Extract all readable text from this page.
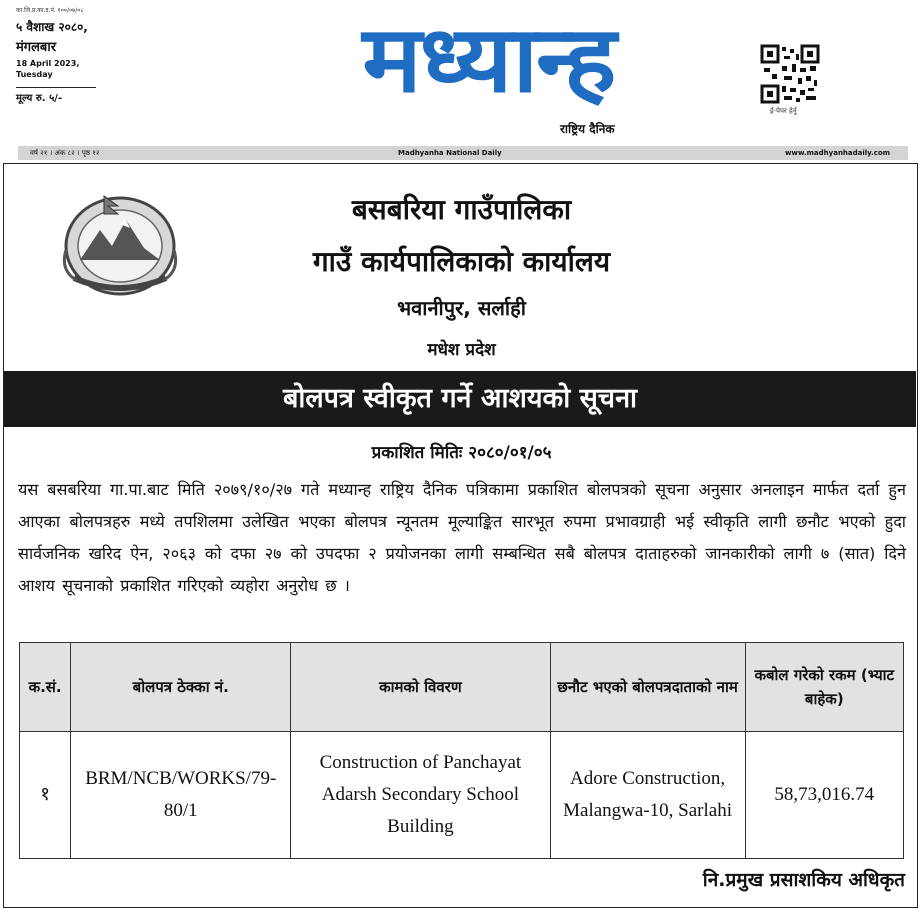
का.जि.प्र.का.द.नं. १००/०७/०८
५ वैशाख २०८०,
मंगलबार
18 April 2023,
Tuesday
मूल्य रु. ५/-	मध्यान्ह
राष्ट्रिय दैनिक
ई-पेपर हेर्नु
वर्ष २१ । अंक ८२ । पृष्ठ १२	Madhyanha National Daily	www.madhyanhadaily.com
बसबरिया गाउँपालिका
गाउँ कार्यपालिकाको कार्यालय
भवानीपुर, सर्लाही
मधेश प्रदेश
बोलपत्र स्वीकृत गर्ने आशयको सूचना
प्रकाशित मितिः २०८०/०१/०५
यस बसबरिया गा.पा.बाट मिति २०७९/१०/२७ गते मध्यान्ह राष्ट्रिय दैनिक पत्रिकामा प्रकाशित बोलपत्रको सूचना अनुसार अनलाइन मार्फत दर्ता हुन आएका बोलपत्रहरु मध्ये तपशिलमा उलेखित भएका बोलपत्र न्यूनतम मूल्याङ्कित सारभूत रुपमा प्रभावग्राही भई स्वीकृति लागी छनौट भएको हुदा सार्वजनिक खरिद ऐन, २०६३ को दफा २७ को उपदफा २ प्रयोजनका लागी सम्बन्धित सबै बोलपत्र दाताहरुको जानकारीको लागी ७ (सात) दिने आशय सूचनाको प्रकाशित गरिएको व्यहोरा अनुरोध छ ।
क.सं.	बोलपत्र ठेक्का नं.	कामको विवरण	छनौट भएको बोलपत्रदाताको नाम	कबोल गरेको रकम (भ्याट बाहेक)
१	BRM/NCB/WORKS/79-80/1	Construction of Panchayat Adarsh Secondary School Building	Adore Construction, Malangwa-10, Sarlahi	58,73,016.74
नि.प्रमुख प्रसाशकिय अधिकृत
